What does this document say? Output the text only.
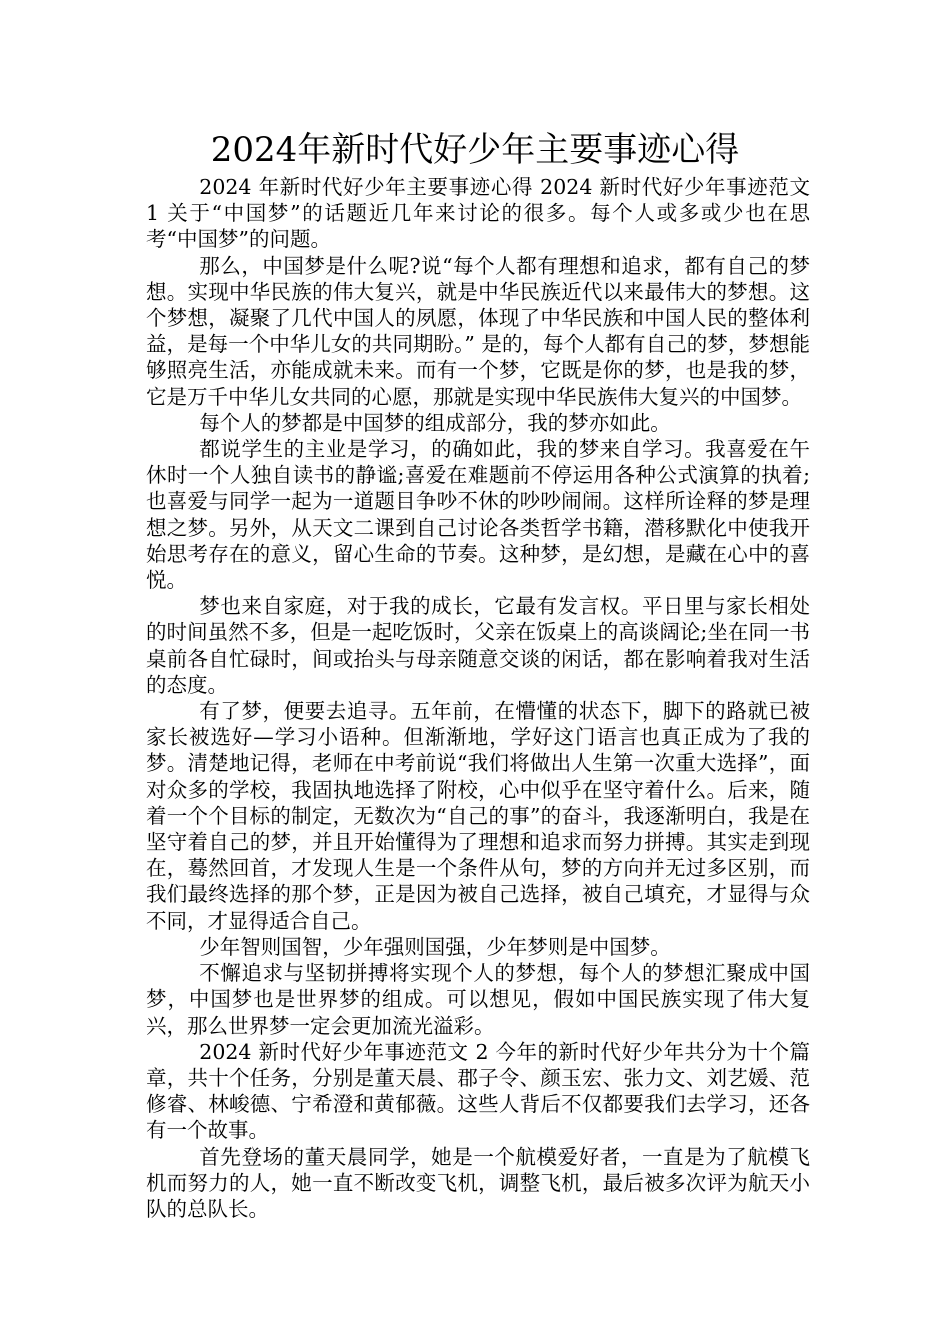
2024年新时代好少年主要事迹心得

2024 年新时代好少年主要事迹心得 2024 新时代好少年事迹范文 1 关于“中国梦”的话题近几年来讨论的很多。每个人或多或少也在思考“中国梦”的问题。

那么，中国梦是什么呢?说“每个人都有理想和追求，都有自己的梦想。实现中华民族的伟大复兴，就是中华民族近代以来最伟大的梦想。这个梦想，凝聚了几代中国人的夙愿，体现了中华民族和中国人民的整体利益，是每一个中华儿女的共同期盼。” 是的，每个人都有自己的梦，梦想能够照亮生活，亦能成就未来。而有一个梦，它既是你的梦，也是我的梦，它是万千中华儿女共同的心愿，那就是实现中华民族伟大复兴的中国梦。

每个人的梦都是中国梦的组成部分，我的梦亦如此。

都说学生的主业是学习，的确如此，我的梦来自学习。我喜爱在午休时一个人独自读书的静谧;喜爱在难题前不停运用各种公式演算的执着;也喜爱与同学一起为一道题目争吵不休的吵吵闹闹。这样所诠释的梦是理想之梦。另外，从天文二课到自己讨论各类哲学书籍，潜移默化中使我开始思考存在的意义，留心生命的节奏。这种梦，是幻想，是藏在心中的喜悦。

梦也来自家庭，对于我的成长，它最有发言权。平日里与家长相处的时间虽然不多，但是一起吃饭时，父亲在饭桌上的高谈阔论;坐在同一书桌前各自忙碌时，间或抬头与母亲随意交谈的闲话，都在影响着我对生活的态度。

有了梦，便要去追寻。五年前，在懵懂的状态下，脚下的路就已被家长被选好—学习小语种。但渐渐地，学好这门语言也真正成为了我的梦。清楚地记得，老师在中考前说“我们将做出人生第一次重大选择”，面对众多的学校，我固执地选择了附校，心中似乎在坚守着什么。后来，随着一个个目标的制定，无数次为“自己的事”的奋斗，我逐渐明白，我是在坚守着自己的梦，并且开始懂得为了理想和追求而努力拼搏。其实走到现在，蓦然回首，才发现人生是一个条件从句，梦的方向并无过多区别，而我们最终选择的那个梦，正是因为被自己选择，被自己填充，才显得与众不同，才显得适合自己。

少年智则国智，少年强则国强，少年梦则是中国梦。

不懈追求与坚韧拼搏将实现个人的梦想，每个人的梦想汇聚成中国梦，中国梦也是世界梦的组成。可以想见，假如中国民族实现了伟大复兴，那么世界梦一定会更加流光溢彩。

2024 新时代好少年事迹范文 2 今年的新时代好少年共分为十个篇章，共十个任务，分别是董天晨、郡子令、颜玉宏、张力文、刘艺媛、范修睿、林峻德、宁希澄和黄郁薇。这些人背后不仅都要我们去学习，还各有一个故事。

首先登场的董天晨同学，她是一个航模爱好者，一直是为了航模飞机而努力的人，她一直不断改变飞机，调整飞机，最后被多次评为航天小队的总队长。
